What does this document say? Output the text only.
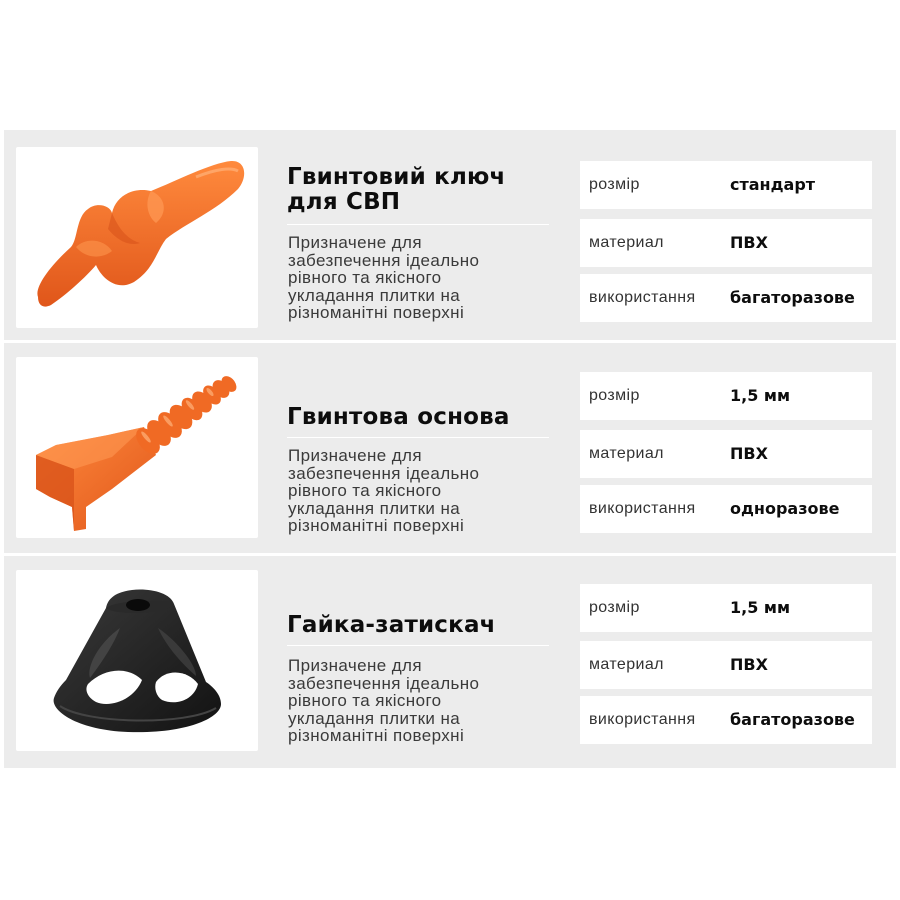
Гвинтовий ключ
для СВП
Призначене для
забезпечення ідеально
рівного та якісного
укладання плитки на
різноманітні поверхні
розмір	стандарт
материал	ПВХ
використання багаторазове
Гвинтова основа
Призначене для
забезпечення ідеально
рівного та якісного
укладання плитки на
різноманітні поверхні
розмір	1,5 мм
материал	ПВХ
використання одноразове
Гайка-затискач
Призначене для
забезпечення ідеально
рівного та якісного
укладання плитки на
різноманітні поверхні
розмір	1,5 мм
материал	ПВХ
використання багаторазове
